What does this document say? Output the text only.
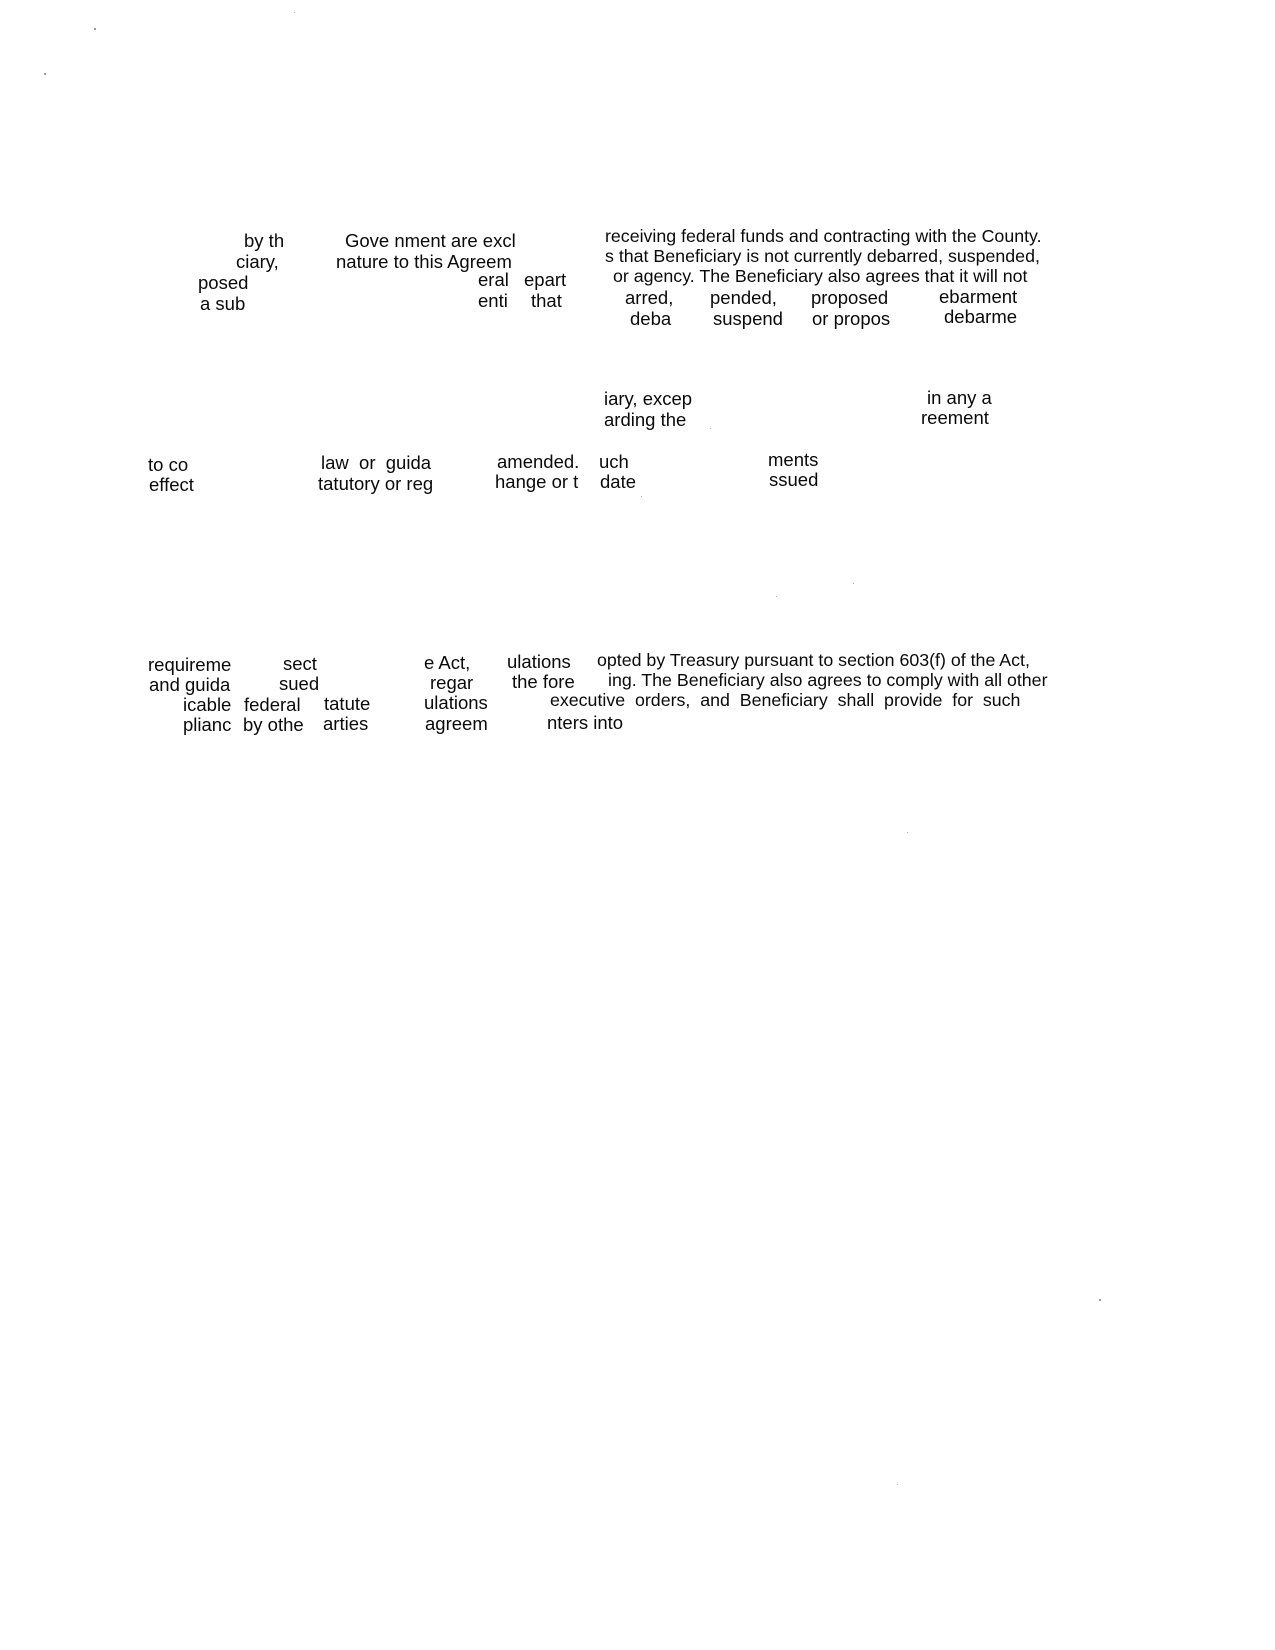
by th
ciary,
posed
a sub
Gove nment are excl
nature to this Agreem
eral epart
enti that
receiving federal funds and contracting with the County.
s that Beneficiary is not currently debarred, suspended,
or agency. The Beneficiary also agrees that it will not
arred, pended, proposed	ebarment
deba suspend or propos	debarme
iary, excep
arding the
in any a
reement
to co	law  or  guida	amended. uch	ments
effect	tatutory or reg	hange or t date	ssued
requireme	sect	e Act, ulations opted by Treasury pursuant to section 603(f) of the Act,
and guida	sued	regar the fore ing. The Beneficiary also agrees to comply with all other
icable federal tatute	ulations	executive  orders,  and  Beneficiary  shall  provide  for  such
plianc by othe arties	agreem	nters into
